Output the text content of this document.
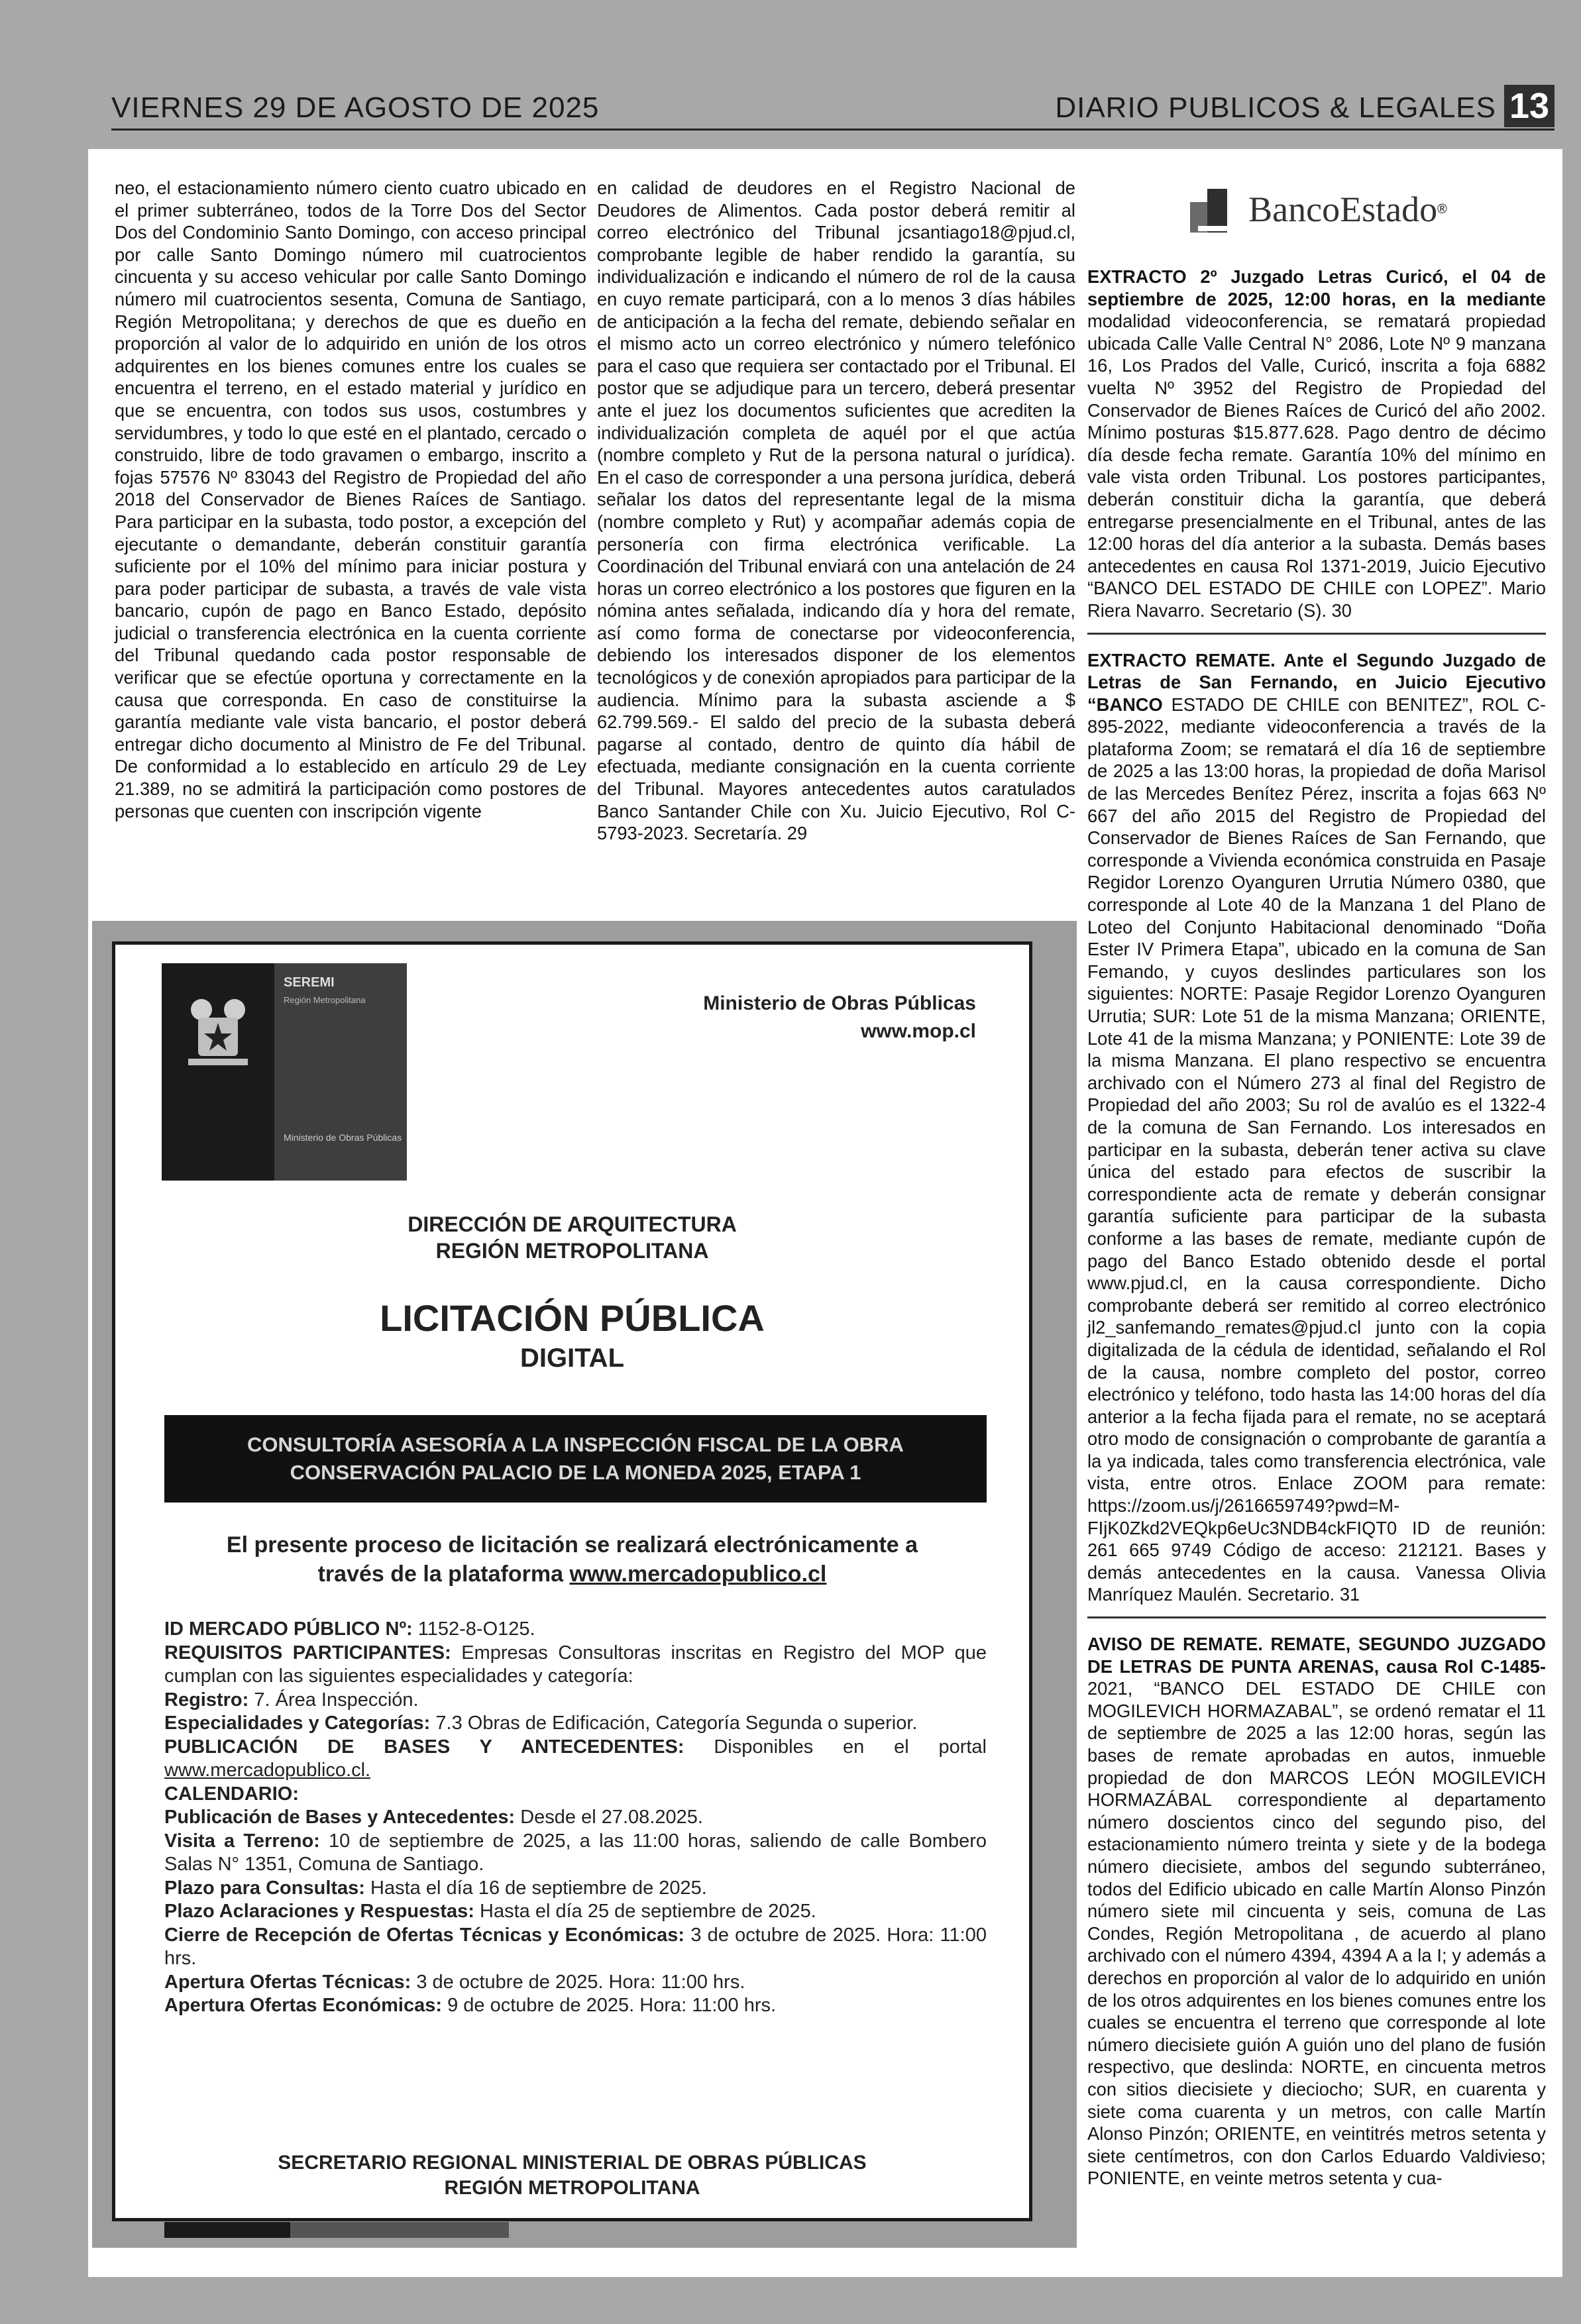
VIERNES 29 DE AGOSTO DE 2025	DIARIO PUBLICOS & LEGALES 13

neo, el estacionamiento número ciento cuatro ubicado en el primer subterráneo, todos de la Torre Dos del Sector Dos del Condominio Santo Domingo, con acceso principal por calle Santo Domingo número mil cuatrocientos cincuenta y su acceso vehicular por calle Santo Domingo número mil cuatrocientos sesenta, Comuna de Santiago, Región Metropolitana; y derechos de que es dueño en proporción al valor de lo adquirido en unión de los otros adquirentes en los bienes comunes entre los cuales se encuentra el terreno, en el estado material y jurídico en que se encuentra, con todos sus usos, costumbres y servidumbres, y todo lo que esté en el plantado, cercado o construido, libre de todo gravamen o embargo, inscrito a fojas 57576 Nº 83043 del Registro de Propiedad del año 2018 del Conservador de Bienes Raíces de Santiago. Para participar en la subasta, todo postor, a excepción del ejecutante o demandante, deberán constituir garantía suficiente por el 10% del mínimo para iniciar postura y para poder participar de subasta, a través de vale vista bancario, cupón de pago en Banco Estado, depósito judicial o transferencia electrónica en la cuenta corriente del Tribunal quedando cada postor responsable de verificar que se efectúe oportuna y correctamente en la causa que corresponda. En caso de constituirse la garantía mediante vale vista bancario, el postor deberá entregar dicho documento al Ministro de Fe del Tribunal. De conformidad a lo establecido en artículo 29 de Ley 21.389, no se admitirá la participación como postores de personas que cuenten con inscripción vigente

en calidad de deudores en el Registro Nacional de Deudores de Alimentos. Cada postor deberá remitir al correo electrónico del Tribunal jcsantiago18@pjud.cl, comprobante legible de haber rendido la garantía, su individualización e indicando el número de rol de la causa en cuyo remate participará, con a lo menos 3 días hábiles de anticipación a la fecha del remate, debiendo señalar en el mismo acto un correo electrónico y número telefónico para el caso que requiera ser contactado por el Tribunal. El postor que se adjudique para un tercero, deberá presentar ante el juez los documentos suficientes que acrediten la individualización completa de aquél por el que actúa (nombre completo y Rut de la persona natural o jurídica). En el caso de corresponder a una persona jurídica, deberá señalar los datos del representante legal de la misma (nombre completo y Rut) y acompañar además copia de personería con firma electrónica verificable. La Coordinación del Tribunal enviará con una antelación de 24 horas un correo electrónico a los postores que figuren en la nómina antes señalada, indicando día y hora del remate, así como forma de conectarse por videoconferencia, debiendo los interesados disponer de los elementos tecnológicos y de conexión apropiados para participar de la audiencia. Mínimo para la subasta asciende a $ 62.799.569.- El saldo del precio de la subasta deberá pagarse al contado, dentro de quinto día hábil de efectuada, mediante consignación en la cuenta corriente del Tribunal. Mayores antecedentes autos caratulados Banco Santander Chile con Xu. Juicio Ejecutivo, Rol C-5793-2023. Secretaría. 29

BancoEstado ®

EXTRACTO 2º Juzgado Letras Curicó, el 04 de septiembre de 2025, 12:00 horas, en la mediante modalidad videoconferencia, se rematará propiedad ubicada Calle Valle Central N° 2086, Lote Nº 9 manzana 16, Los Prados del Valle, Curicó, inscrita a foja 6882 vuelta Nº 3952 del Registro de Propiedad del Conservador de Bienes Raíces de Curicó del año 2002. Mínimo posturas $15.877.628. Pago dentro de décimo día desde fecha remate. Garantía 10% del mínimo en vale vista orden Tribunal. Los postores participantes, deberán constituir dicha la garantía, que deberá entregarse presencialmente en el Tribunal, antes de las 12:00 horas del día anterior a la subasta. Demás bases antecedentes en causa Rol 1371-2019, Juicio Ejecutivo “BANCO DEL ESTADO DE CHILE con LOPEZ”. Mario Riera Navarro. Secretario (S). 30

EXTRACTO REMATE. Ante el Segundo Juzgado de Letras de San Fernando, en Juicio Ejecutivo “BANCO ESTADO DE CHILE con BENITEZ”, ROL C-895-2022, mediante videoconferencia a través de la plataforma Zoom; se rematará el día 16 de septiembre de 2025 a las 13:00 horas, la propiedad de doña Marisol de las Mercedes Benítez Pérez, inscrita a fojas 663 Nº 667 del año 2015 del Registro de Propiedad del Conservador de Bienes Raíces de San Fernando, que corresponde a Vivienda económica construida en Pasaje Regidor Lorenzo Oyanguren Urrutia Número 0380, que corresponde al Lote 40 de la Manzana 1 del Plano de Loteo del Conjunto Habitacional denominado “Doña Ester IV Primera Etapa”, ubicado en la comuna de San Femando, y cuyos deslindes particulares son los siguientes: NORTE: Pasaje Regidor Lorenzo Oyanguren Urrutia; SUR: Lote 51 de la misma Manzana; ORIENTE, Lote 41 de la misma Manzana; y PONIENTE: Lote 39 de la misma Manzana. El plano respectivo se encuentra archivado con el Número 273 al final del Registro de Propiedad del año 2003; Su rol de avalúo es el 1322-4 de la comuna de San Fernando. Los interesados en participar en la subasta, deberán tener activa su clave única del estado para efectos de suscribir la correspondiente acta de remate y deberán consignar garantía suficiente para participar de la subasta conforme a las bases de remate, mediante cupón de pago del Banco Estado obtenido desde el portal www.pjud.cl, en la causa correspondiente. Dicho comprobante deberá ser remitido al correo electrónico jl2_sanfemando_remates@pjud.cl junto con la copia digitalizada de la cédula de identidad, señalando el Rol de la causa, nombre completo del postor, correo electrónico y teléfono, todo hasta las 14:00 horas del día anterior a la fecha fijada para el remate, no se aceptará otro modo de consignación o comprobante de garantía a la ya indicada, tales como transferencia electrónica, vale vista, entre otros. Enlace ZOOM para remate: https://zoom.us/j/2616659749?pwd=M-FIjK0Zkd2VEQkp6eUc3NDB4ckFIQT0 ID de reunión: 261 665 9749 Código de acceso: 212121. Bases y demás antecedentes en la causa. Vanessa Olivia Manríquez Maulén. Secretario. 31

AVISO DE REMATE. REMATE, SEGUNDO JUZGADO DE LETRAS DE PUNTA ARENAS, causa Rol C-1485-2021, “BANCO DEL ESTADO DE CHILE con MOGILEVICH HORMAZABAL”, se ordenó rematar el 11 de septiembre de 2025 a las 12:00 horas, según las bases de remate aprobadas en autos, inmueble propiedad de don MARCOS LEÓN MOGILEVICH HORMAZÁBAL correspondiente al departamento número doscientos cinco del segundo piso, del estacionamiento número treinta y siete y de la bodega número diecisiete, ambos del segundo subterráneo, todos del Edificio ubicado en calle Martín Alonso Pinzón número siete mil cincuenta y seis, comuna de Las Condes, Región Metropolitana , de acuerdo al plano archivado con el número 4394, 4394 A a la I; y además a derechos en proporción al valor de lo adquirido en unión de los otros adquirentes en los bienes comunes entre los cuales se encuentra el terreno que corresponde al lote número diecisiete guión A guión uno del plano de fusión respectivo, que deslinda: NORTE, en cincuenta metros con sitios diecisiete y dieciocho; SUR, en cuarenta y siete coma cuarenta y un metros, con calle Martín Alonso Pinzón; ORIENTE, en veintitrés metros setenta y siete centímetros, con don Carlos Eduardo Valdivieso; PONIENTE, en veinte metros setenta y cua-

SEREMI
Región Metropolitana
Ministerio de Obras Públicas
Ministerio de Obras Públicas
www.mop.cl
DIRECCIÓN DE ARQUITECTURA
REGIÓN METROPOLITANA
LICITACIÓN PÚBLICA
DIGITAL
CONSULTORÍA ASESORÍA A LA INSPECCIÓN FISCAL DE LA OBRA
CONSERVACIÓN PALACIO DE LA MONEDA 2025, ETAPA 1
El presente proceso de licitación se realizará electrónicamente a
través de la plataforma www.mercadopublico.cl

ID MERCADO PÚBLICO Nº: 1152-8-O125.

REQUISITOS PARTICIPANTES: Empresas Consultoras inscritas en Registro del MOP que cumplan con las siguientes especialidades y categoría:

Registro: 7. Área Inspección.

Especialidades y Categorías: 7.3 Obras de Edificación, Categoría Segunda o superior.

PUBLICACIÓN DE BASES Y ANTECEDENTES: Disponibles en el portal www.mercadopublico.cl.

CALENDARIO:

Publicación de Bases y Antecedentes: Desde el 27.08.2025.

Visita a Terreno: 10 de septiembre de 2025, a las 11:00 horas, saliendo de calle Bombero Salas N° 1351, Comuna de Santiago.

Plazo para Consultas: Hasta el día 16 de septiembre de 2025.

Plazo Aclaraciones y Respuestas: Hasta el día 25 de septiembre de 2025.

Cierre de Recepción de Ofertas Técnicas y Económicas: 3 de octubre de 2025. Hora: 11:00 hrs.

Apertura Ofertas Técnicas: 3 de octubre de 2025. Hora: 11:00 hrs.

Apertura Ofertas Económicas: 9 de octubre de 2025. Hora: 11:00 hrs.

SECRETARIO REGIONAL MINISTERIAL DE OBRAS PÚBLICAS
REGIÓN METROPOLITANA
